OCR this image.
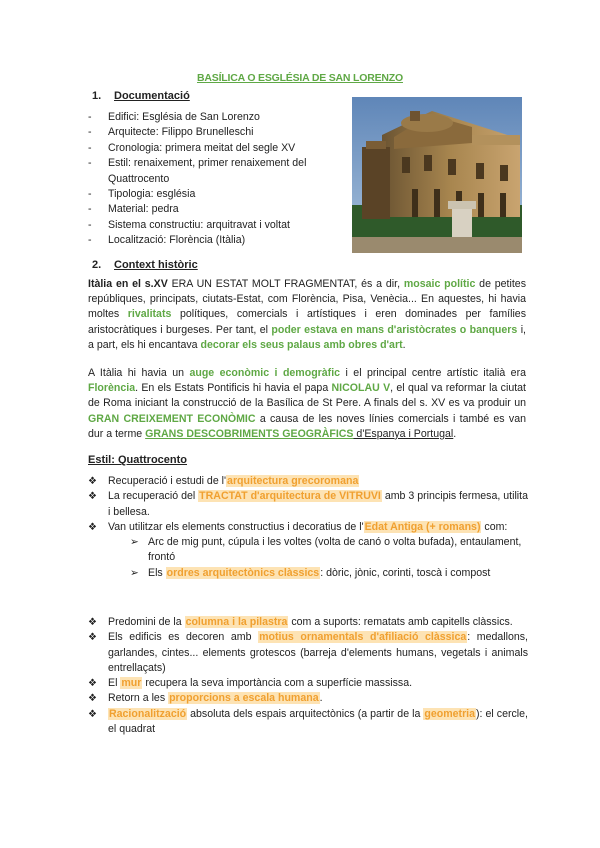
BASÍLICA O ESGLÉSIA DE SAN LORENZO
1. Documentació
- Edifici: Església de San Lorenzo
- Arquitecte: Filippo Brunelleschi
- Cronologia: primera meitat del segle XV
- Estil: renaixement, primer renaixement del Quattrocento
- Tipologia: església
- Material: pedra
- Sistema constructiu: arquitravat i voltat
- Localització: Florència (Itàlia)
2. Context històric

Itàlia en el s.XV ERA UN ESTAT MOLT FRAGMENTAT, és a dir, mosaic polític de petites repúbliques, principats, ciutats-Estat, com Florència, Pisa, Venècia... En aquestes, hi havia moltes rivalitats polítiques, comercials i artístiques i eren dominades per famílies aristocràtiques i burgeses. Per tant, el poder estava en mans d'aristòcrates o banquers i, a part, els hi encantava decorar els seus palaus amb obres d'art.

A Itàlia hi havia un auge econòmic i demogràfic i el principal centre artístic italià era Florència. En els Estats Pontificis hi havia el papa NICOLAU V, el qual va reformar la ciutat de Roma iniciant la construcció de la Basílica de St Pere. A finals del s. XV es va produir un GRAN CREIXEMENT ECONÒMIC a causa de les noves línies comercials i també es van dur a terme GRANS DESCOBRIMENTS GEOGRÀFICS d'Espanya i Portugal.

Estil: Quattrocento
❖ Recuperació i estudi de l'arquitectura grecoromana
❖ La recuperació del TRACTAT d'arquitectura de VITRUVI amb 3 principis fermesa, utilita i bellesa.
❖ Van utilitzar els elements constructius i decoratius de l'Edat Antiga (+ romans) com:
➢ Arc de mig punt, cúpula i les voltes (volta de canó o volta bufada), entaulament, frontó
➢ Els ordres arquitectònics clàssics: dòric, jònic, corinti, toscà i compost
❖ Predomini de la columna i la pilastra com a suports: rematats amb capitells clàssics.
❖ Els edificis es decoren amb motius ornamentals d'afiliació clàssica: medallons, garlandes, cintes... elements grotescos (barreja d'elements humans, vegetals i animals entrellaçats)
❖ El mur recupera la seva importància com a superfície massissa.
❖ Retorn a les proporcions a escala humana.
❖ Racionalització absoluta dels espais arquitectònics (a partir de la geometria): el cercle, el quadrat
